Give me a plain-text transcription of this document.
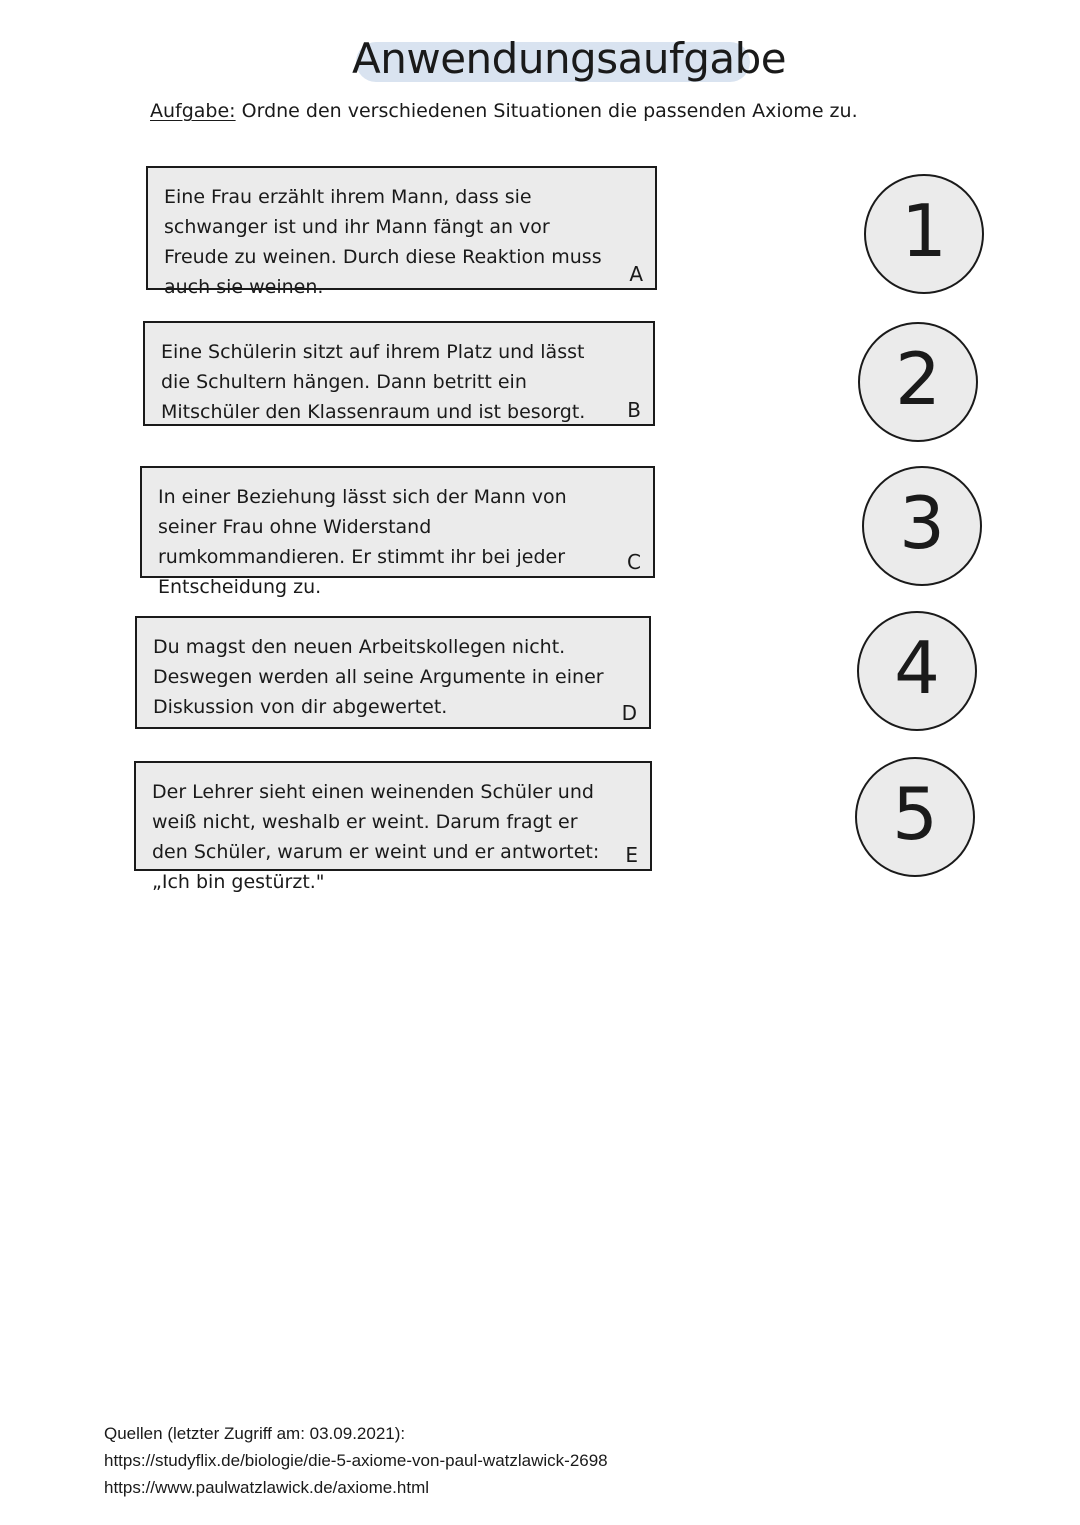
Anwendungsaufgabe
Aufgabe: Ordne den verschiedenen Situationen die passenden Axiome zu.
Eine Frau erzählt ihrem Mann, dass sie schwanger ist und ihr Mann fängt an vor Freude zu weinen. Durch diese Reaktion muss auch sie weinen.
A
Eine Schülerin sitzt auf ihrem Platz und lässt die Schultern hängen. Dann betritt ein Mitschüler den Klassenraum und ist besorgt.	B
In einer Beziehung lässt sich der Mann von seiner Frau ohne Widerstand rumkommandieren. Er stimmt ihr bei jeder Entscheidung zu.
C
Du magst den neuen Arbeitskollegen nicht. Deswegen werden all seine Argumente in einer Diskussion von dir abgewertet.	D
Der Lehrer sieht einen weinenden Schüler und weiß nicht, weshalb er weint. Darum fragt er den Schüler, warum er weint und er antwortet: „Ich bin gestürzt."
E
1
2
3
4
5
Quellen (letzter Zugriff am: 03.09.2021):
https://studyflix.de/biologie/die-5-axiome-von-paul-watzlawick-2698
https://www.paulwatzlawick.de/axiome.html
